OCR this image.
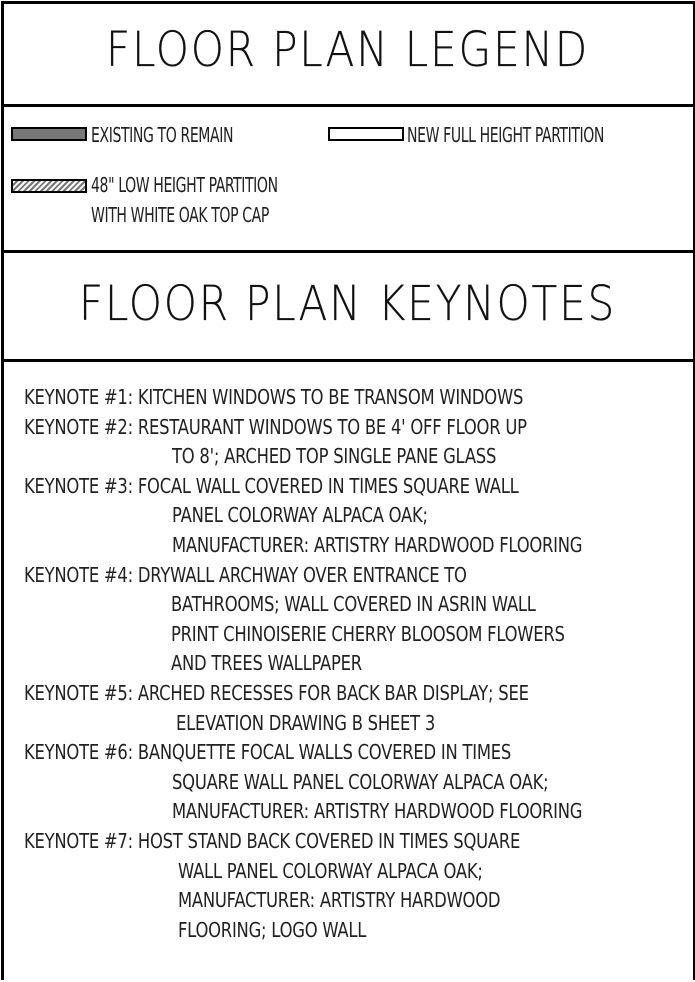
FLOOR PLAN LEGEND
EXISTING TO REMAIN	NEW FULL HEIGHT PARTITION
48" LOW HEIGHT PARTITION
WITH WHITE OAK TOP CAP
FLOOR PLAN KEYNOTES
KEYNOTE #1: KITCHEN WINDOWS TO BE TRANSOM WINDOWS
KEYNOTE #2: RESTAURANT WINDOWS TO BE 4' OFF FLOOR UP
TO 8'; ARCHED TOP SINGLE PANE GLASS
KEYNOTE #3: FOCAL WALL COVERED IN TIMES SQUARE WALL
PANEL COLORWAY ALPACA OAK;
MANUFACTURER: ARTISTRY HARDWOOD FLOORING
KEYNOTE #4: DRYWALL ARCHWAY OVER ENTRANCE TO
BATHROOMS; WALL COVERED IN ASRIN WALL
PRINT CHINOISERIE CHERRY BLOOSOM FLOWERS
AND TREES WALLPAPER
KEYNOTE #5: ARCHED RECESSES FOR BACK BAR DISPLAY; SEE
ELEVATION DRAWING B SHEET 3
KEYNOTE #6: BANQUETTE FOCAL WALLS COVERED IN TIMES
SQUARE WALL PANEL COLORWAY ALPACA OAK;
MANUFACTURER: ARTISTRY HARDWOOD FLOORING
KEYNOTE #7: HOST STAND BACK COVERED IN TIMES SQUARE
WALL PANEL COLORWAY ALPACA OAK;
MANUFACTURER: ARTISTRY HARDWOOD
FLOORING; LOGO WALL
